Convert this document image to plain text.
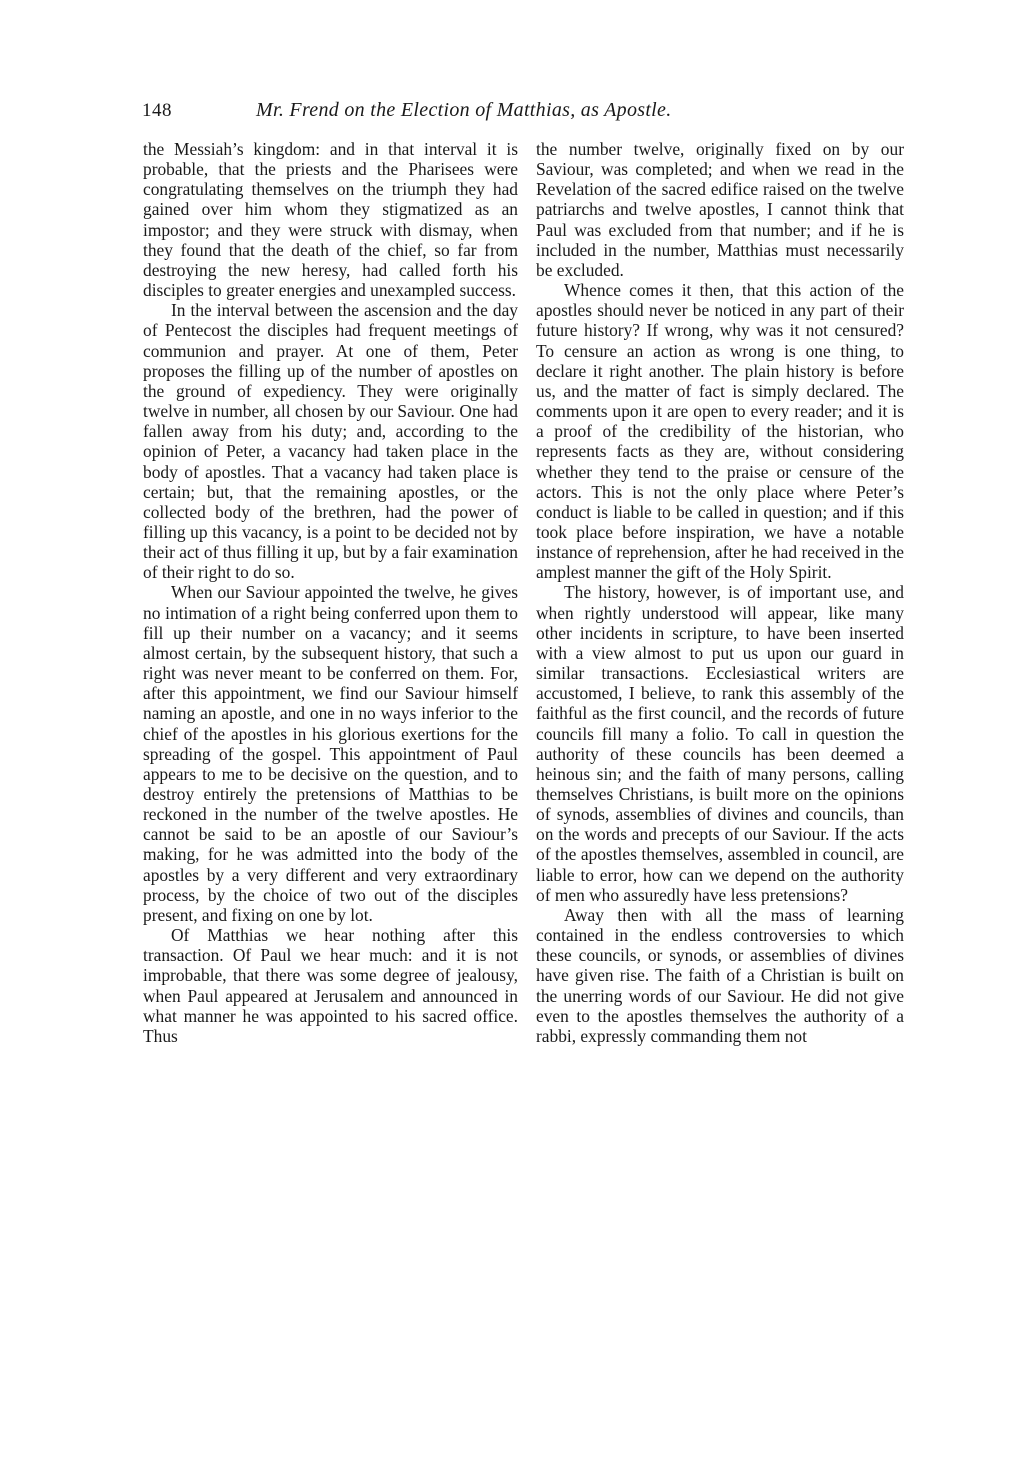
148	Mr. Frend on the Election of Matthias, as Apostle.

the Messiah’s kingdom: and in that interval it is probable, that the priests and the Pharisees were congratulating themselves on the triumph they had gained over him whom they stigmatized as an impostor; and they were struck with dismay, when they found that the death of the chief, so far from destroying the new heresy, had called forth his disciples to greater energies and unexampled success.

In the interval between the ascension and the day of Pentecost the disciples had frequent meetings of communion and prayer. At one of them, Peter proposes the filling up of the number of apostles on the ground of expediency. They were originally twelve in number, all chosen by our Saviour. One had fallen away from his duty; and, according to the opinion of Peter, a vacancy had taken place in the body of apostles. That a vacancy had taken place is certain; but, that the remaining apostles, or the collected body of the brethren, had the power of filling up this vacancy, is a point to be decided not by their act of thus filling it up, but by a fair examination of their right to do so.

When our Saviour appointed the twelve, he gives no intimation of a right being conferred upon them to fill up their number on a vacancy; and it seems almost certain, by the subsequent history, that such a right was never meant to be conferred on them. For, after this appointment, we find our Saviour himself naming an apostle, and one in no ways inferior to the chief of the apostles in his glorious exertions for the spreading of the gospel. This appointment of Paul appears to me to be decisive on the question, and to destroy entirely the pretensions of Matthias to be reckoned in the number of the twelve apostles. He cannot be said to be an apostle of our Saviour’s making, for he was admitted into the body of the apostles by a very different and very extraordinary process, by the choice of two out of the disciples present, and fixing on one by lot.

Of Matthias we hear nothing after this transaction. Of Paul we hear much: and it is not improbable, that there was some degree of jealousy, when Paul appeared at Jerusalem and announced in what manner he was appointed to his sacred office. Thus

the number twelve, originally fixed on by our Saviour, was completed; and when we read in the Revelation of the sacred edifice raised on the twelve patriarchs and twelve apostles, I cannot think that Paul was excluded from that number; and if he is included in the number, Matthias must necessarily be excluded.

Whence comes it then, that this action of the apostles should never be noticed in any part of their future history? If wrong, why was it not censured? To censure an action as wrong is one thing, to declare it right another. The plain history is before us, and the matter of fact is simply declared. The comments upon it are open to every reader; and it is a proof of the credibility of the historian, who represents facts as they are, without considering whether they tend to the praise or censure of the actors. This is not the only place where Peter’s conduct is liable to be called in question; and if this took place before inspiration, we have a notable instance of reprehension, after he had received in the amplest manner the gift of the Holy Spirit.

The history, however, is of important use, and when rightly understood will appear, like many other incidents in scripture, to have been inserted with a view almost to put us upon our guard in similar transactions. Ecclesiastical writers are accustomed, I believe, to rank this assembly of the faithful as the first council, and the records of future councils fill many a folio. To call in question the authority of these councils has been deemed a heinous sin; and the faith of many persons, calling themselves Christians, is built more on the opinions of synods, assemblies of divines and councils, than on the words and precepts of our Saviour. If the acts of the apostles themselves, assembled in council, are liable to error, how can we depend on the authority of men who assuredly have less pretensions?

Away then with all the mass of learning contained in the endless controversies to which these councils, or synods, or assemblies of divines have given rise. The faith of a Christian is built on the unerring words of our Saviour. He did not give even to the apostles themselves the authority of a rabbi, expressly commanding them not
